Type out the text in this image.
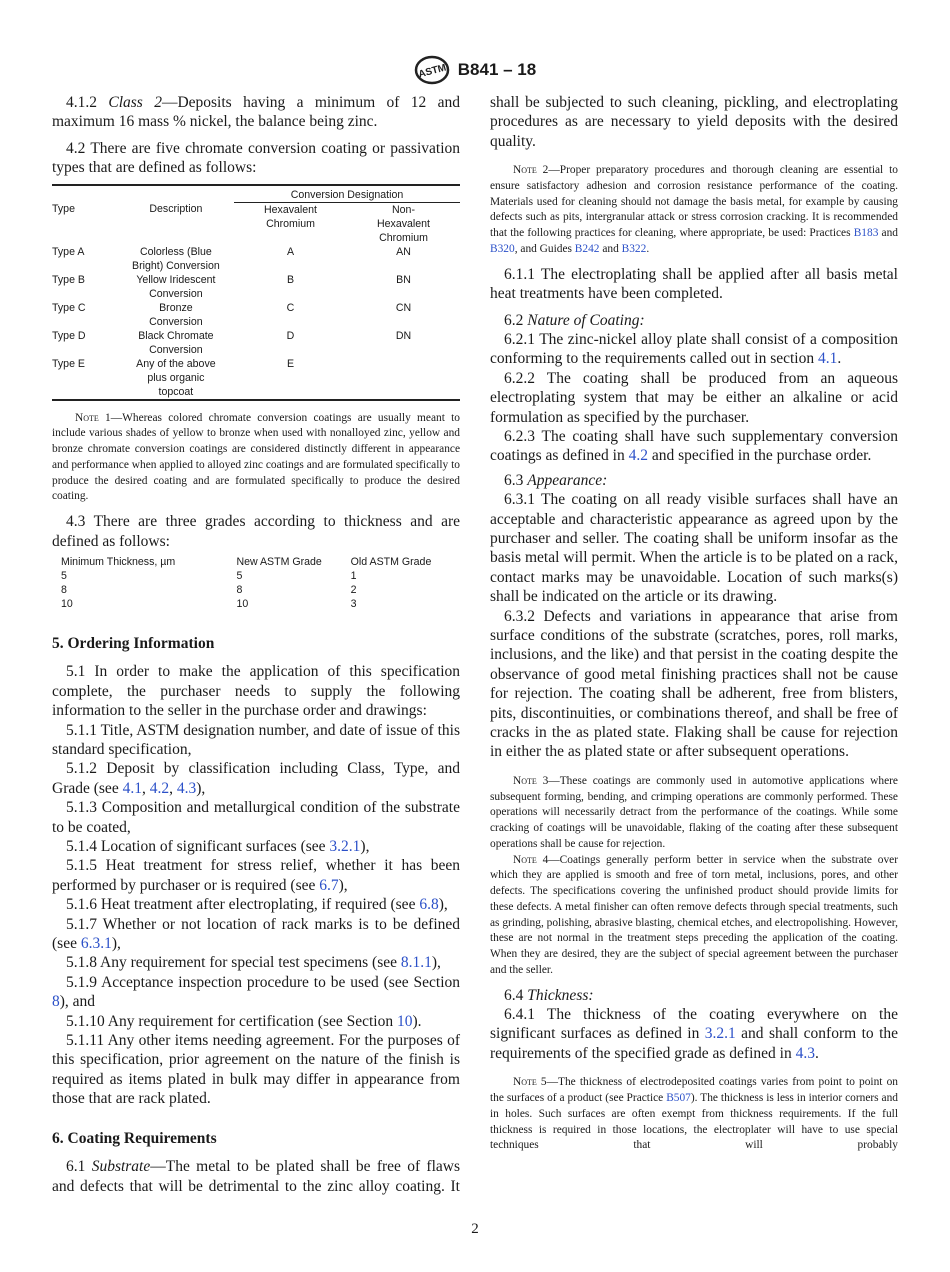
ASTM B841 – 18

4.1.2 Class 2—Deposits having a minimum of 12 and maximum 16 mass % nickel, the balance being zinc.

4.2 There are five chromate conversion coating or passivation types that are defined as follows:

		Conversion Designation	
Type	Description	Hexavalent Chromium	Non-Hexavalent Chromium
Type A	Colorless (Blue Bright) Conversion	A	AN
Type B	Yellow Iridescent Conversion	B	BN
Type C	Bronze Conversion	C	CN
Type D	Black Chromate Conversion	D	DN
Type E	Any of the above plus organic topcoat	E	

Note 1—Whereas colored chromate conversion coatings are usually meant to include various shades of yellow to bronze when used with nonalloyed zinc, yellow and bronze chromate conversion coatings are considered distinctly different in appearance and performance when applied to alloyed zinc coatings and are formulated specifically to produce the desired coating and are formulated specifically to produce the desired coating.

4.3 There are three grades according to thickness and are defined as follows:

Minimum Thickness, µm	New ASTM Grade	Old ASTM Grade
5	5	1
8	8	2
10	10	3
5. Ordering Information

5.1 In order to make the application of this specification complete, the purchaser needs to supply the following information to the seller in the purchase order and drawings:

5.1.1 Title, ASTM designation number, and date of issue of this standard specification,

5.1.2 Deposit by classification including Class, Type, and Grade (see 4.1, 4.2, 4.3),

5.1.3 Composition and metallurgical condition of the substrate to be coated,

5.1.4 Location of significant surfaces (see 3.2.1),

5.1.5 Heat treatment for stress relief, whether it has been performed by purchaser or is required (see 6.7),

5.1.6 Heat treatment after electroplating, if required (see 6.8),

5.1.7 Whether or not location of rack marks is to be defined (see 6.3.1),

5.1.8 Any requirement for special test specimens (see 8.1.1),

5.1.9 Acceptance inspection procedure to be used (see Section 8), and

5.1.10 Any requirement for certification (see Section 10).

5.1.11 Any other items needing agreement. For the purposes of this specification, prior agreement on the nature of the finish is required as items plated in bulk may differ in appearance from those that are rack plated.

6. Coating Requirements

6.1 Substrate—The metal to be plated shall be free of flaws and defects that will be detrimental to the zinc alloy coating. It

shall be subjected to such cleaning, pickling, and electroplating procedures as are necessary to yield deposits with the desired quality.

Note 2—Proper preparatory procedures and thorough cleaning are essential to ensure satisfactory adhesion and corrosion resistance performance of the coating. Materials used for cleaning should not damage the basis metal, for example by causing defects such as pits, intergranular attack or stress corrosion cracking. It is recommended that the following practices for cleaning, where appropriate, be used: Practices B183 and B320, and Guides B242 and B322.

6.1.1 The electroplating shall be applied after all basis metal heat treatments have been completed.

6.2 Nature of Coating:

6.2.1 The zinc-nickel alloy plate shall consist of a composition conforming to the requirements called out in section 4.1.

6.2.2 The coating shall be produced from an aqueous electroplating system that may be either an alkaline or acid formulation as specified by the purchaser.

6.2.3 The coating shall have such supplementary conversion coatings as defined in 4.2 and specified in the purchase order.

6.3 Appearance:

6.3.1 The coating on all ready visible surfaces shall have an acceptable and characteristic appearance as agreed upon by the purchaser and seller. The coating shall be uniform insofar as the basis metal will permit. When the article is to be plated on a rack, contact marks may be unavoidable. Location of such marks(s) shall be indicated on the article or its drawing.

6.3.2 Defects and variations in appearance that arise from surface conditions of the substrate (scratches, pores, roll marks, inclusions, and the like) and that persist in the coating despite the observance of good metal finishing practices shall not be cause for rejection. The coating shall be adherent, free from blisters, pits, discontinuities, or combinations thereof, and shall be free of cracks in the as plated state. Flaking shall be cause for rejection in either the as plated state or after subsequent operations.

Note 3—These coatings are commonly used in automotive applications where subsequent forming, bending, and crimping operations are commonly performed. These operations will necessarily detract from the performance of the coatings. While some cracking of coatings will be unavoidable, flaking of the coating after these subsequent operations shall be cause for rejection.

Note 4—Coatings generally perform better in service when the substrate over which they are applied is smooth and free of torn metal, inclusions, pores, and other defects. The specifications covering the unfinished product should provide limits for these defects. A metal finisher can often remove defects through special treatments, such as grinding, polishing, abrasive blasting, chemical etches, and electropolishing. However, these are not normal in the treatment steps preceding the application of the coating. When they are desired, they are the subject of special agreement between the purchaser and the seller.

6.4 Thickness:

6.4.1 The thickness of the coating everywhere on the significant surfaces as defined in 3.2.1 and shall conform to the requirements of the specified grade as defined in 4.3.

Note 5—The thickness of electrodeposited coatings varies from point to point on the surfaces of a product (see Practice B507). The thickness is less in interior corners and in holes. Such surfaces are often exempt from thickness requirements. If the full thickness is required in those locations, the electroplater will have to use special techniques that will probably

2
